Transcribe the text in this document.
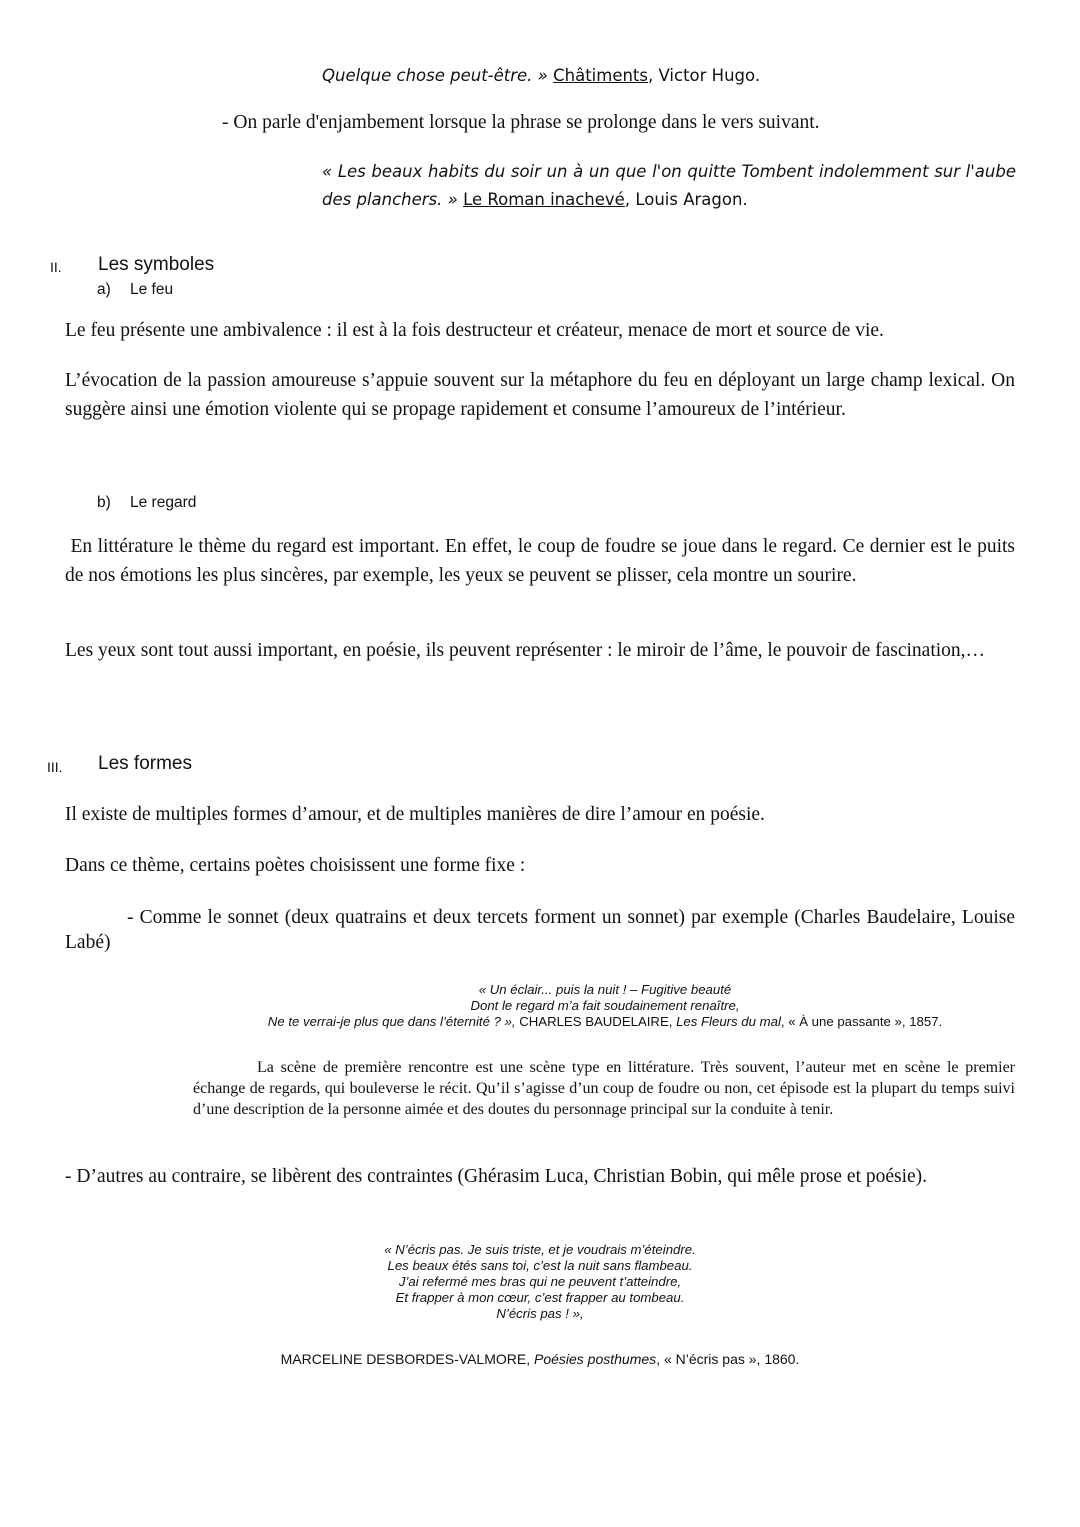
Quelque chose peut-être. » Châtiments, Victor Hugo.

- On parle d'enjambement lorsque la phrase se prolonge dans le vers suivant.

« Les beaux habits du soir un à un que l'on quitte Tombent indolemment sur l'aube
des planchers. » Le Roman inachevé, Louis Aragon.
II. Les symboles
a) Le feu

Le feu présente une ambivalence : il est à la fois destructeur et créateur, menace de mort et source de vie.

L’évocation de la passion amoureuse s’appuie souvent sur la métaphore du feu en déployant un large champ lexical. On suggère ainsi une émotion violente qui se propage rapidement et consume l’amoureux de l’intérieur.

b) Le regard

En littérature le thème du regard est important. En effet, le coup de foudre se joue dans le regard. Ce dernier est le puits de nos émotions les plus sincères, par exemple, les yeux se peuvent se plisser, cela montre un sourire.

Les yeux sont tout aussi important, en poésie, ils peuvent représenter : le miroir de l’âme, le pouvoir de fascination,…

III. Les formes

Il existe de multiples formes d’amour, et de multiples manières de dire l’amour en poésie.

Dans ce thème, certains poètes choisissent une forme fixe :

- Comme le sonnet (deux quatrains et deux tercets forment un sonnet) par exemple (Charles Baudelaire, Louise Labé)
« Un éclair... puis la nuit ! – Fugitive beauté
Dont le regard m’a fait soudainement renaître,
Ne te verrai-je plus que dans l’éternité ? », CHARLES BAUDELAIRE, Les Fleurs du mal, « À une passante », 1857.
La scène de première rencontre est une scène type en littérature. Très souvent, l’auteur met en scène le premier échange de regards, qui bouleverse le récit. Qu’il s’agisse d’un coup de foudre ou non, cet épisode est la plupart du temps suivi d’une description de la personne aimée et des doutes du personnage principal sur la conduite à tenir.

- D’autres au contraire, se libèrent des contraintes (Ghérasim Luca, Christian Bobin, qui mêle prose et poésie).

« N’écris pas. Je suis triste, et je voudrais m’éteindre.
Les beaux étés sans toi, c’est la nuit sans flambeau.
J’ai refermé mes bras qui ne peuvent t’atteindre,
Et frapper à mon cœur, c’est frapper au tombeau.
N’écris pas ! »,
MARCELINE DESBORDES-VALMORE, Poésies posthumes, « N’écris pas », 1860.
